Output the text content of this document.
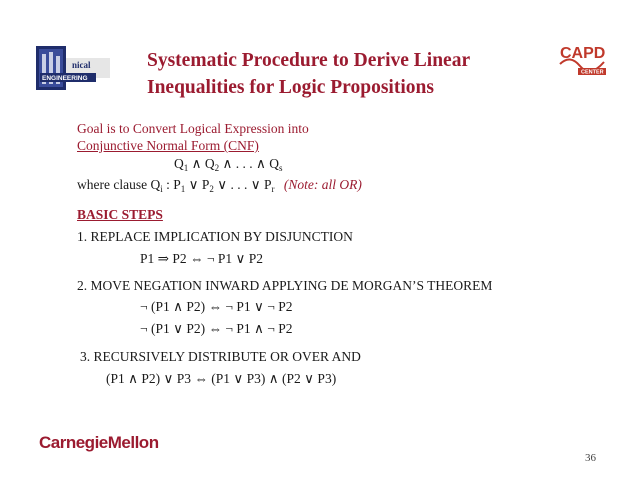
nical
ENGINEERING
CAPD
CENTER
Systematic Procedure to Derive Linear
Inequalities for Logic Propositions
Goal is to Convert Logical Expression into
Conjunctive Normal Form (CNF)
$Q_1$ ∧ $Q_2$ ∧ . . . ∧ $Q_s$
where clause $Q_i$ : $P_1$ ∨ $P_2$ ∨ . . . ∨ $P_r$ (Note: all OR)
BASIC STEPS
1. REPLACE IMPLICATION BY DISJUNCTION
P1 ⇒ P2 ⇔ ¬ P1 ∨ P2
2. MOVE NEGATION INWARD APPLYING DE MORGAN’S THEOREM
¬ (P1 ∧ P2) ⇔ ¬ P1 ∨ ¬ P2
¬ (P1 ∨ P2) ⇔ ¬ P1 ∧ ¬ P2
3. RECURSIVELY DISTRIBUTE OR OVER AND
(P1 ∧ P2) ∨ P3 ⇔ (P1 ∨ P3) ∧ (P2 ∨ P3)
CarnegieMellon
36
